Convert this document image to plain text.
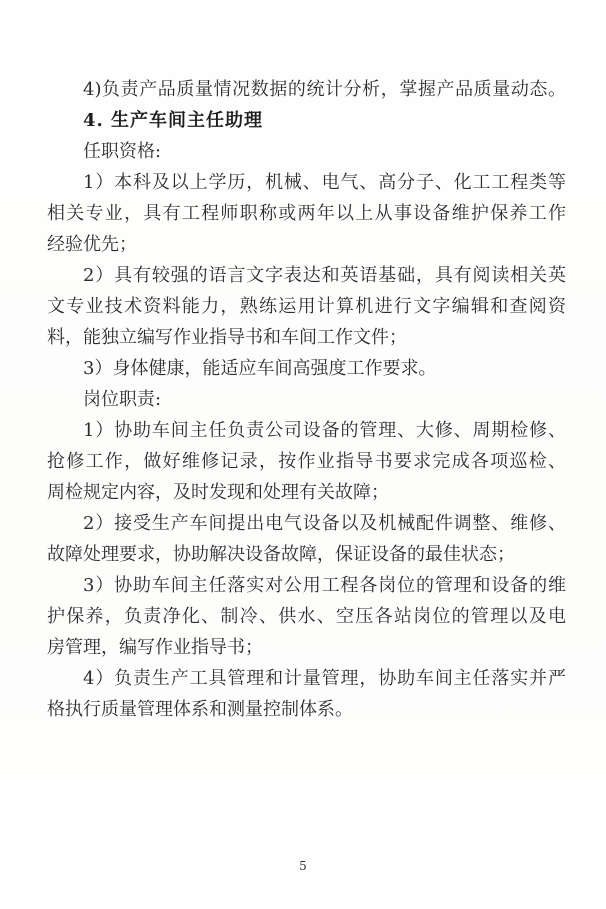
4)负责产品质量情况数据的统计分析，掌握产品质量动态。

4. 生产车间主任助理

任职资格:

1）本科及以上学历，机械、电气、高分子、化工工程类等
相关专业，具有工程师职称或两年以上从事设备维护保养工作
经验优先；

2）具有较强的语言文字表达和英语基础，具有阅读相关英
文专业技术资料能力，熟练运用计算机进行文字编辑和查阅资
料，能独立编写作业指导书和车间工作文件；

3）身体健康，能适应车间高强度工作要求。

岗位职责:

1）协助车间主任负责公司设备的管理、大修、周期检修、
抢修工作，做好维修记录，按作业指导书要求完成各项巡检、
周检规定内容，及时发现和处理有关故障；

2）接受生产车间提出电气设备以及机械配件调整、维修、
故障处理要求，协助解决设备故障，保证设备的最佳状态；

3）协助车间主任落实对公用工程各岗位的管理和设备的维
护保养，负责净化、制冷、供水、空压各站岗位的管理以及电
房管理，编写作业指导书；

4）负责生产工具管理和计量管理，协助车间主任落实并严
格执行质量管理体系和测量控制体系。

5
